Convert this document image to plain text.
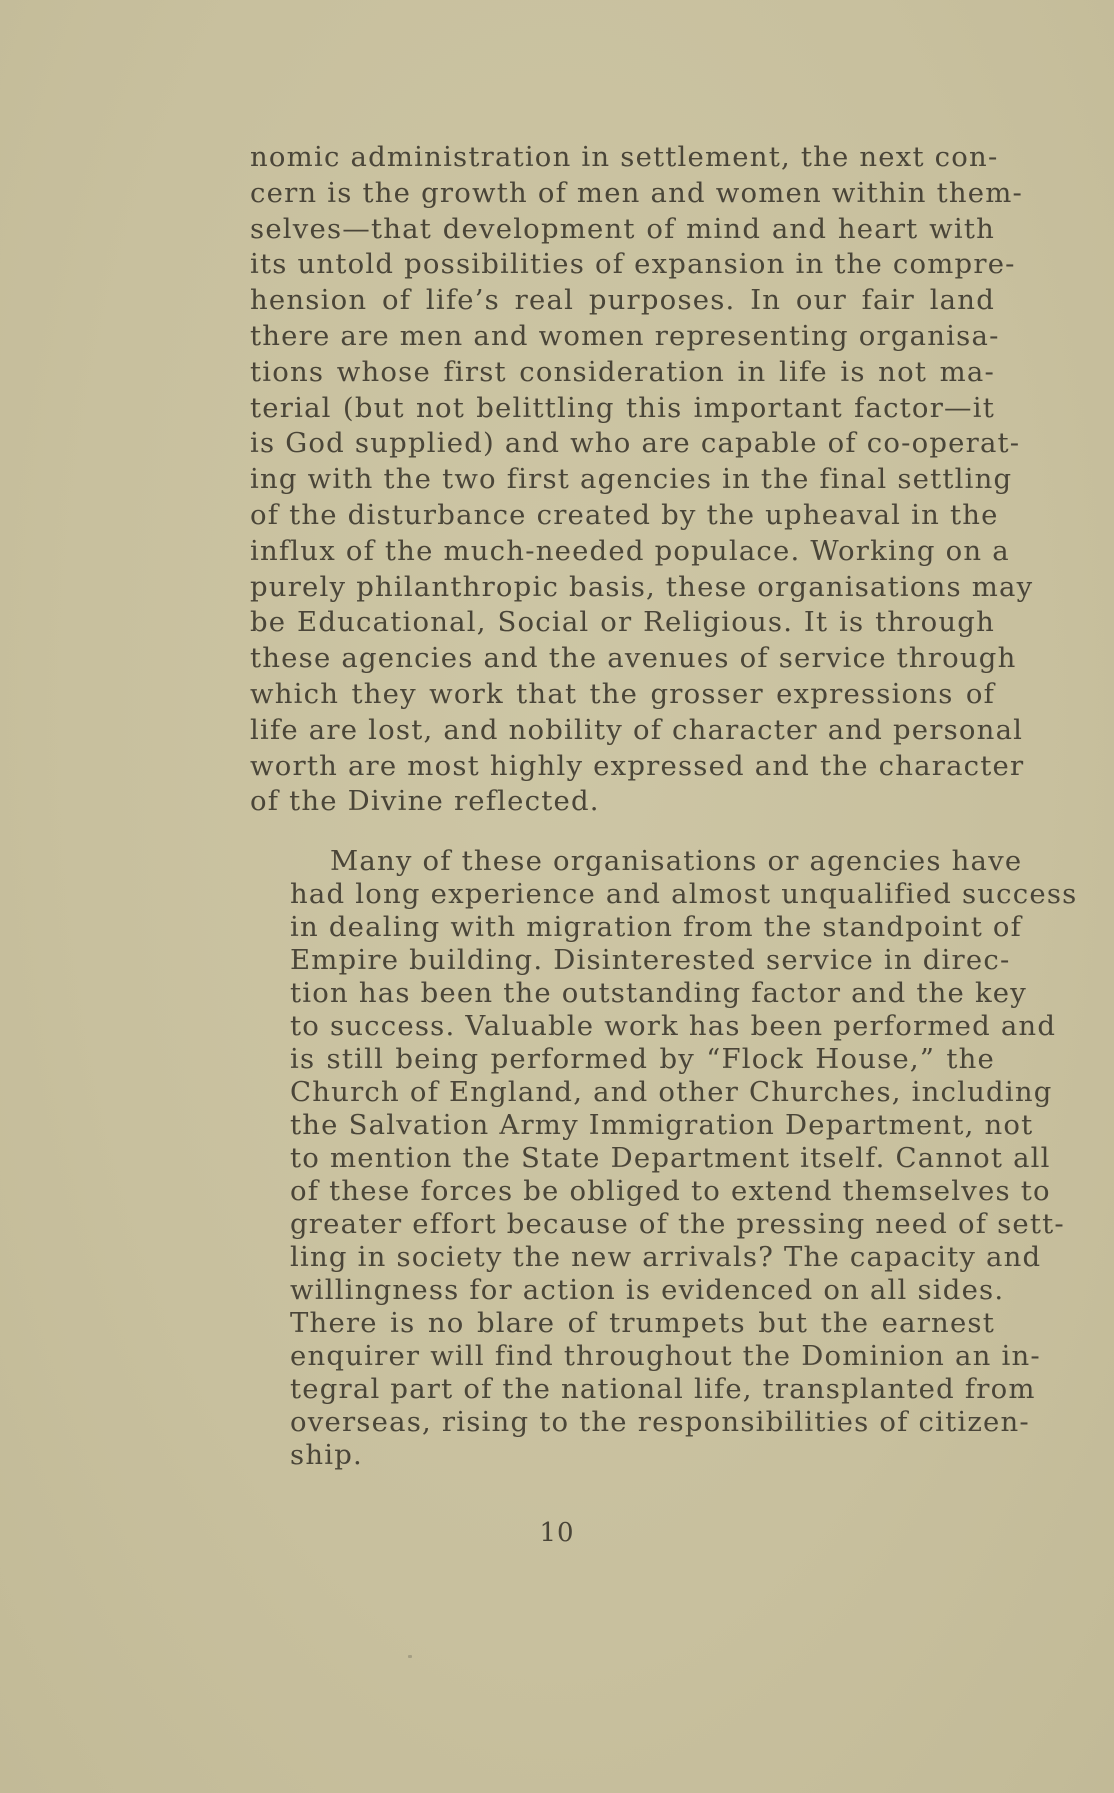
nomic administration in settlement, the next con-
cern is the growth of men and women within them-
selves—that development of mind and heart with
its untold possibilities of expansion in the compre-
hension of life’s real purposes. In our fair land
there are men and women representing organisa-
tions whose first consideration in life is not ma-
terial (but not belittling this important factor—it
is God supplied) and who are capable of co-operat-
ing with the two first agencies in the final settling
of the disturbance created by the upheaval in the
influx of the much-needed populace. Working on a
purely philanthropic basis, these organisations may
be Educational, Social or Religious. It is through
these agencies and the avenues of service through
which they work that the grosser expressions of
life are lost, and nobility of character and personal
worth are most highly expressed and the character
of the Divine reflected.

Many of these organisations or agencies have
had long experience and almost unqualified success
in dealing with migration from the standpoint of
Empire building. Disinterested service in direc-
tion has been the outstanding factor and the key
to success. Valuable work has been performed and
is still being performed by “Flock House,” the
Church of England, and other Churches, including
the Salvation Army Immigration Department, not
to mention the State Department itself. Cannot all
of these forces be obliged to extend themselves to
greater effort because of the pressing need of sett-
ling in society the new arrivals? The capacity and
willingness for action is evidenced on all sides.
There is no blare of trumpets but the earnest
enquirer will find throughout the Dominion an in-
tegral part of the national life, transplanted from
overseas, rising to the responsibilities of citizen-
ship.

10
